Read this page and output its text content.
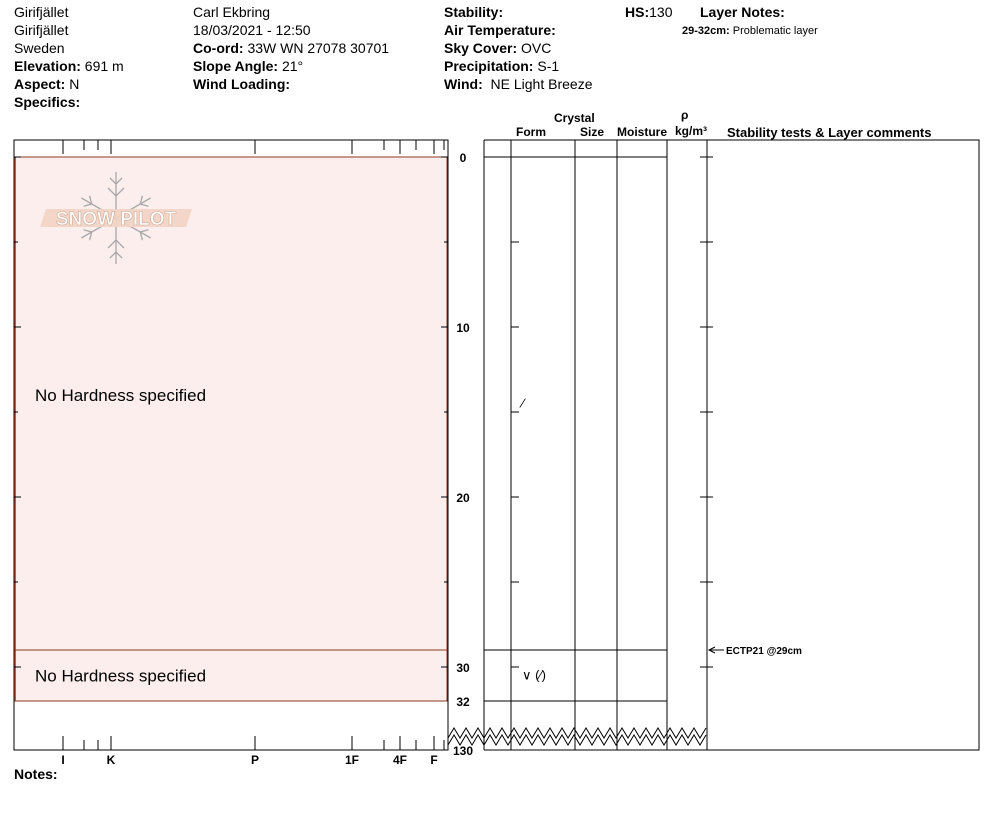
Girifjället
Girifjället
Sweden
Elevation: 691 m
Aspect: N
Specifics:
Carl Ekbring
18/03/2021 - 12:50
Co-ord: 33W WN 27078 30701
Slope Angle: 21°
Wind Loading:
Stability:
Air Temperature:
Sky Cover: OVC
Precipitation: S-1
Wind: NE Light Breeze
HS:130 Layer Notes:
29-32cm: Problematic layer
Crystal
Form	Size Moisture
ρ
kg/m³ Stability tests & Layer comments
SNOW PILOT
I	K	P	1F	4F F
0
10
20
30
32
130
No Hardness specified
No Hardness specified
⁄
∨ (⁄)
ECTP21 @29cm
Notes:
